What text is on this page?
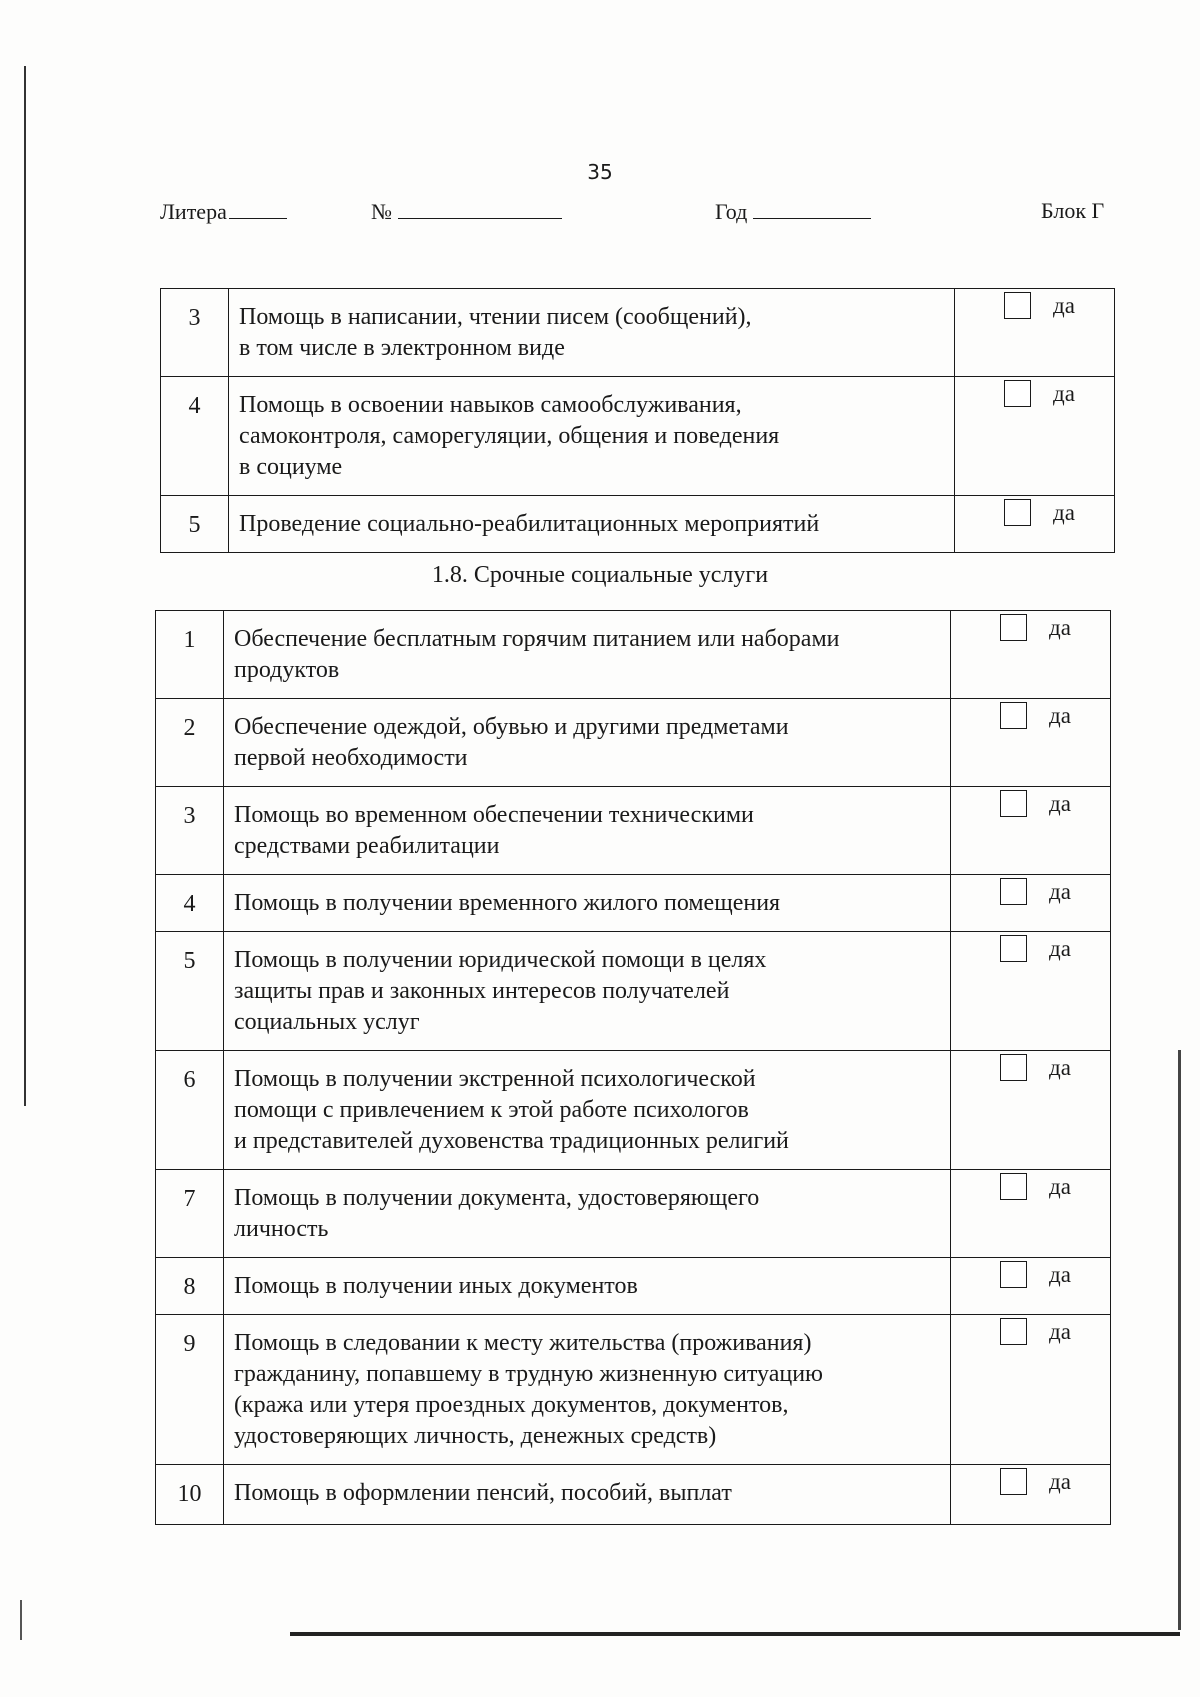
35
Литера	№	Год	Блок Г
3	Помощь в написании, чтении писем (сообщений),
в том числе в электронном виде	да

4	Помощь в освоении навыков самообслуживания,
самоконтроля, саморегуляции, общения и поведения
в социуме	да

5	Проведение социально-реабилитационных мероприятий	да
1.8. Срочные социальные услуги
1	Обеспечение бесплатным горячим питанием или наборами
продуктов	да

2	Обеспечение одеждой, обувью и другими предметами
первой необходимости	да

3	Помощь во временном обеспечении техническими
средствами реабилитации	да

4	Помощь в получении временного жилого помещения	да

5	Помощь в получении юридической помощи в целях
защиты прав и законных интересов получателей
социальных услуг	да

6	Помощь в получении экстренной психологической
помощи с привлечением к этой работе психологов
и представителей духовенства традиционных религий	да

7	Помощь в получении документа, удостоверяющего
личность	да

8	Помощь в получении иных документов	да

9	Помощь в следовании к месту жительства (проживания)
гражданину, попавшему в трудную жизненную ситуацию
(кража или утеря проездных документов, документов,
удостоверяющих личность, денежных средств)	да

10	Помощь в оформлении пенсий, пособий, выплат	да
